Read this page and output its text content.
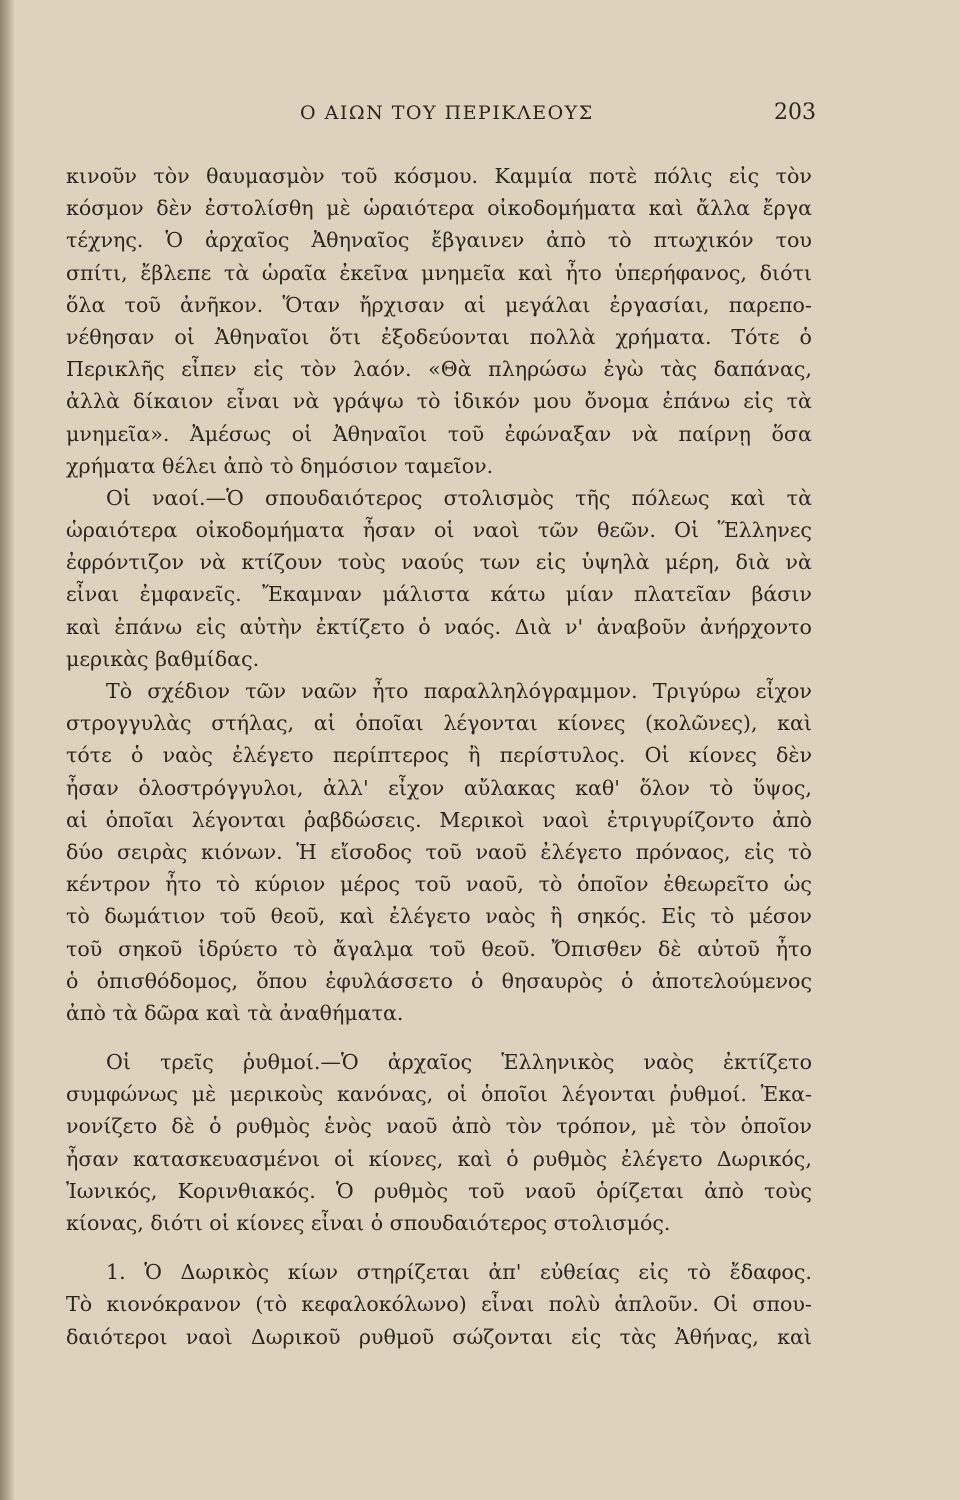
Ο ΑΙΩΝ ΤΟΥ ΠΕΡΙΚΛΕΟΥΣ	203
κινοῦν τὸν θαυμασμὸν τοῦ κόσμου. Καμμία ποτὲ πόλις εἰς τὸν
κόσμον δὲν ἐστολίσθη μὲ ὡραιότερα οἰκοδομήματα καὶ ἄλλα ἔργα
τέχνης. Ὁ ἀρχαῖος Ἀθηναῖος ἔβγαινεν ἀπὸ τὸ πτωχικόν του
σπίτι, ἔβλεπε τὰ ὡραῖα ἐκεῖνα μνημεῖα καὶ ἦτο ὑπερήφανος, διότι
ὅλα τοῦ ἀνῆκον. Ὅταν ἤρχισαν αἱ μεγάλαι ἐργασίαι, παρεπο-
νέθησαν οἱ Ἀθηναῖοι ὅτι ἐξοδεύονται πολλὰ χρήματα. Τότε ὁ
Περικλῆς εἶπεν εἰς τὸν λαόν. «Θὰ πληρώσω ἐγὼ τὰς δαπάνας,
ἀλλὰ δίκαιον εἶναι νὰ γράψω τὸ ἰδικόν μου ὄνομα ἐπάνω εἰς τὰ
μνημεῖα». Ἀμέσως οἱ Ἀθηναῖοι τοῦ ἐφώναξαν νὰ παίρνῃ ὅσα
χρήματα θέλει ἀπὸ τὸ δημόσιον ταμεῖον.
Οἱ ναοί.—Ὁ σπουδαιότερος στολισμὸς τῆς πόλεως καὶ τὰ
ὡραιότερα οἰκοδομήματα ἦσαν οἱ ναοὶ τῶν θεῶν. Οἱ Ἕλληνες
ἐφρόντιζον νὰ κτίζουν τοὺς ναούς των εἰς ὑψηλὰ μέρη, διὰ νὰ
εἶναι ἐμφανεῖς. Ἔκαμναν μάλιστα κάτω μίαν πλατεῖαν βάσιν
καὶ ἐπάνω εἰς αὐτὴν ἐκτίζετο ὁ ναός. Διὰ ν' ἀναβοῦν ἀνήρχοντο
μερικὰς βαθμίδας.
Τὸ σχέδιον τῶν ναῶν ἦτο παραλληλόγραμμον. Τριγύρω εἶχον
στρογγυλὰς στήλας, αἱ ὁποῖαι λέγονται κίονες (κολῶνες), καὶ
τότε ὁ ναὸς ἐλέγετο περίπτερος ἢ περίστυλος. Οἱ κίονες δὲν
ἦσαν ὁλοστρόγγυλοι, ἀλλ' εἶχον αὔλακας καθ' ὅλον τὸ ὕψος,
αἱ ὁποῖαι λέγονται ῥαβδώσεις. Μερικοὶ ναοὶ ἐτριγυρίζοντο ἀπὸ
δύο σειρὰς κιόνων. Ἡ εἴσοδος τοῦ ναοῦ ἐλέγετο πρόναος, εἰς τὸ
κέντρον ἦτο τὸ κύριον μέρος τοῦ ναοῦ, τὸ ὁποῖον ἐθεωρεῖτο ὡς
τὸ δωμάτιον τοῦ θεοῦ, καὶ ἐλέγετο ναὸς ἢ σηκός. Εἰς τὸ μέσον
τοῦ σηκοῦ ἱδρύετο τὸ ἄγαλμα τοῦ θεοῦ. Ὄπισθεν δὲ αὐτοῦ ἦτο
ὁ ὀπισθόδομος, ὅπου ἐφυλάσσετο ὁ θησαυρὸς ὁ ἀποτελούμενος
ἀπὸ τὰ δῶρα καὶ τὰ ἀναθήματα.
Οἱ τρεῖς ῥυθμοί.—Ὁ ἀρχαῖος Ἑλληνικὸς ναὸς ἐκτίζετο
συμφώνως μὲ μερικοὺς κανόνας, οἱ ὁποῖοι λέγονται ῥυθμοί. Ἐκα-
νονίζετο δὲ ὁ ρυθμὸς ἑνὸς ναοῦ ἀπὸ τὸν τρόπον, μὲ τὸν ὁποῖον
ἦσαν κατασκευασμένοι οἱ κίονες, καὶ ὁ ρυθμὸς ἐλέγετο Δωρικός,
Ἰωνικός, Κορινθιακός. Ὁ ρυθμὸς τοῦ ναοῦ ὁρίζεται ἀπὸ τοὺς
κίονας, διότι οἱ κίονες εἶναι ὁ σπουδαιότερος στολισμός.
1. Ὁ Δωρικὸς κίων στηρίζεται ἀπ' εὐθείας εἰς τὸ ἔδαφος.
Τὸ κιονόκρανον (τὸ κεφαλοκόλωνο) εἶναι πολὺ ἁπλοῦν. Οἱ σπου-
δαιότεροι ναοὶ Δωρικοῦ ρυθμοῦ σώζονται εἰς τὰς Ἀθήνας, καὶ
